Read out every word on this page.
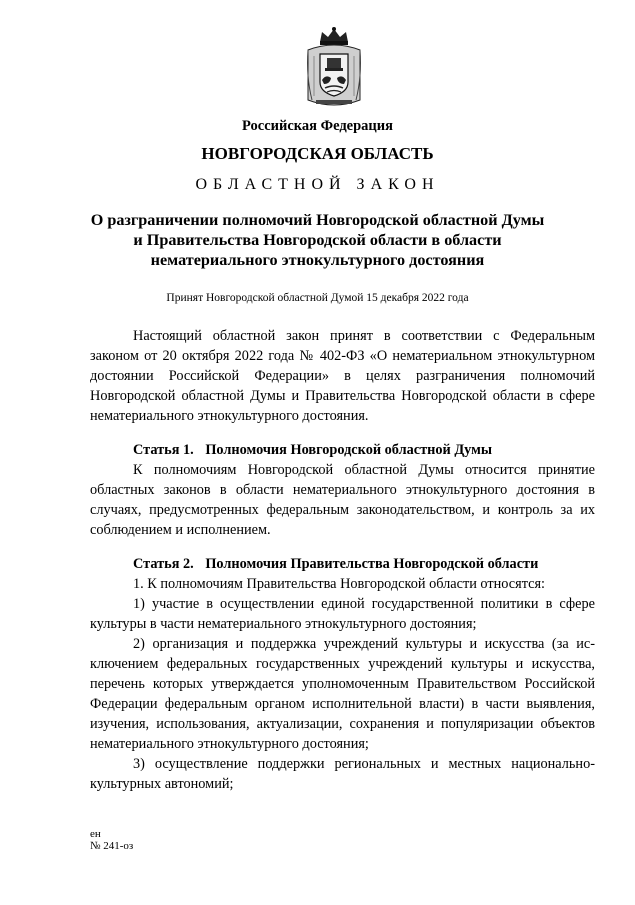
Российская Федерация
НОВГОРОДСКАЯ ОБЛАСТЬ
ОБЛАСТНОЙ ЗАКОН
О разграничении полномочий Новгородской областной Думы
и Правительства Новгородской области в области
нематериального этнокультурного достояния
Принят Новгородской областной Думой 15 декабря 2022 года

Настоящий областной закон принят в соответствии с Федеральным законом от 20 октября 2022 года № 402-ФЗ «О нематериальном этнокультурном достоянии Российской Федерации» в целях разграничения полномочий Новгородской областной Думы и Правительства Новгородской области в сфере нематериального этнокультурного достояния.

Статья 1. Полномочия Новгородской областной Думы

К полномочиям Новгородской областной Думы относится принятие областных законов в области нематериального этнокультурного достояния в случаях, предусмотренных федеральным законодательством, и контроль за их соблюдением и исполнением.

Статья 2. Полномочия Правительства Новгородской области

1. К полномочиям Правительства Новгородской области относятся:

1) участие в осуществлении единой государственной политики в сфере культуры в части нематериального этнокультурного достояния;

2) организация и поддержка учреждений культуры и искусства (за исключением федеральных государственных учреждений культуры и искусства, перечень которых утверждается уполномоченным Правительством Российской Федерации федеральным органом исполнительной власти) в части выявления, изучения, использования, актуализации, сохранения и популяризации объектов нематериального этнокультурного достояния;

3) осуществление поддержки региональных и местных национально-культурных автономий;

ен
№ 241-оз
